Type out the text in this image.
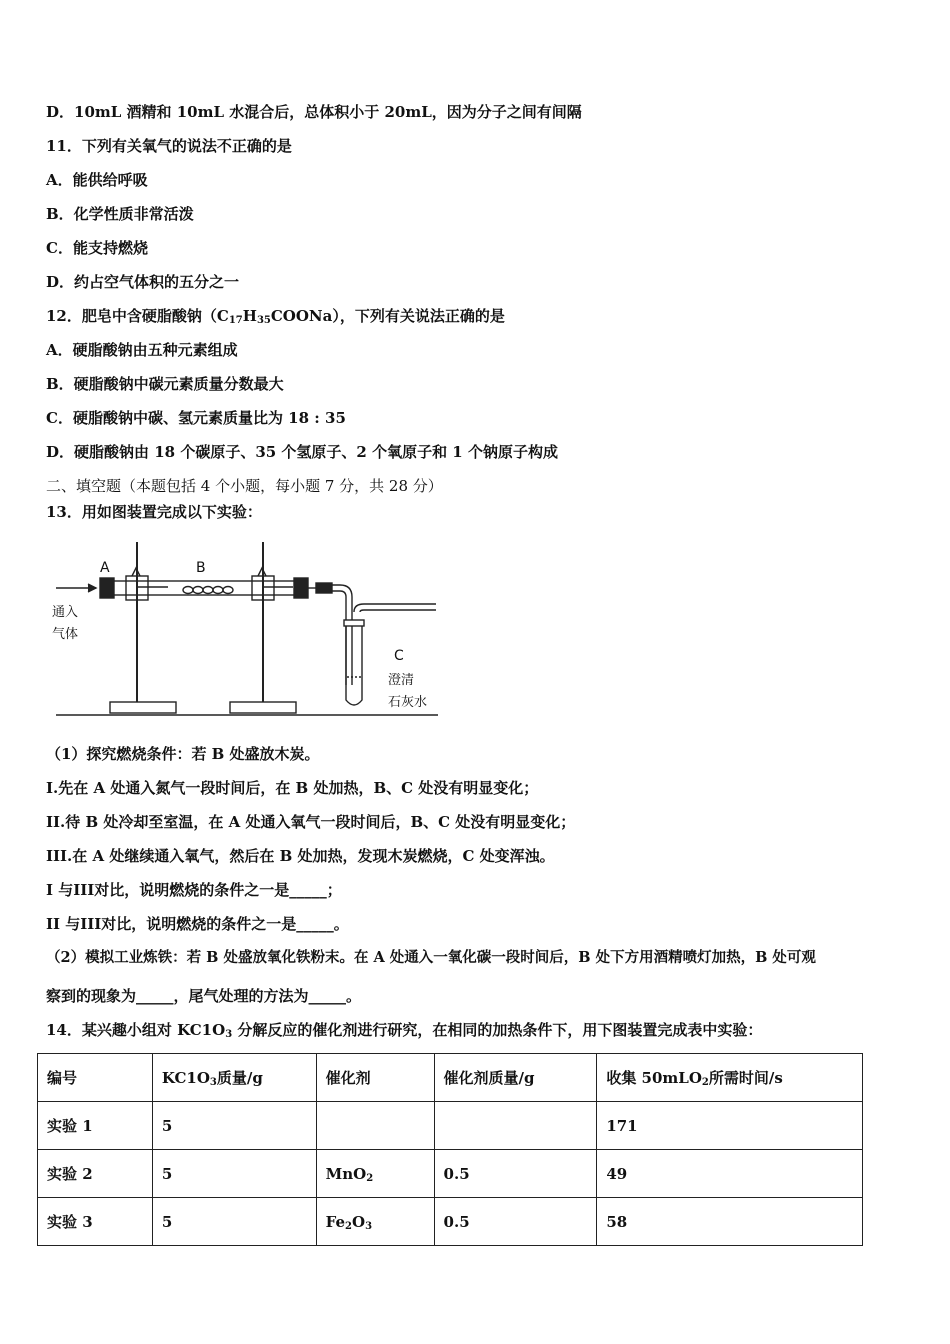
D．10mL 酒精和 10mL 水混合后，总体积小于 20mL，因为分子之间有间隔
11．下列有关氧气的说法不正确的是
A．能供给呼吸
B．化学性质非常活泼
C．能支持燃烧
D．约占空气体积的五分之一
12．肥皂中含硬脂酸钠$(C_{17}H_{35}COONa)$，下列有关说法正确的是
A．硬脂酸钠由五种元素组成
B．硬脂酸钠中碳元素质量分数最大
C．硬脂酸钠中碳、氢元素质量比为 18 : 35
D．硬脂酸钠由 18 个碳原子、35 个氢原子、2 个氧原子和 1 个钠原子构成
二、填空题（本题包括 4 个小题，每小题 7 分，共 28 分）
13．用如图装置完成以下实验：
A	B
C
通入
气体
澄清
石灰水
（1）探究燃烧条件：若 B 处盛放木炭。
I.先在 A 处通入氮气一段时间后，在 B 处加热，B、C 处没有明显变化；
II.待 B 处冷却至室温，在 A 处通入氧气一段时间后，B、C 处没有明显变化；
III.在 A 处继续通入氧气，然后在 B 处加热，发现木炭燃烧，C 处变浑浊。
I 与III对比，说明燃烧的条件之一是_____；
II 与III对比，说明燃烧的条件之一是_____。
（2）模拟工业炼铁：若 B 处盛放氧化铁粉末。在 A 处通入一氧化碳一段时间后，B 处下方用酒精喷灯加热，B 处可观
察到的现象为_____，尾气处理的方法为_____。
14．某兴趣小组对 $KC1O_3$ 分解反应的催化剂进行研究，在相同的加热条件下，用下图装置完成表中实验：
编号	$KC1O_3$质量/g	催化剂	催化剂质量/g	收集 50mLO$_2$所需时间/s
实验 1	5			171
实验 2	5	MnO$_2$	0.5	49
实验 3	5	$Fe_2O_3$	0.5	58
